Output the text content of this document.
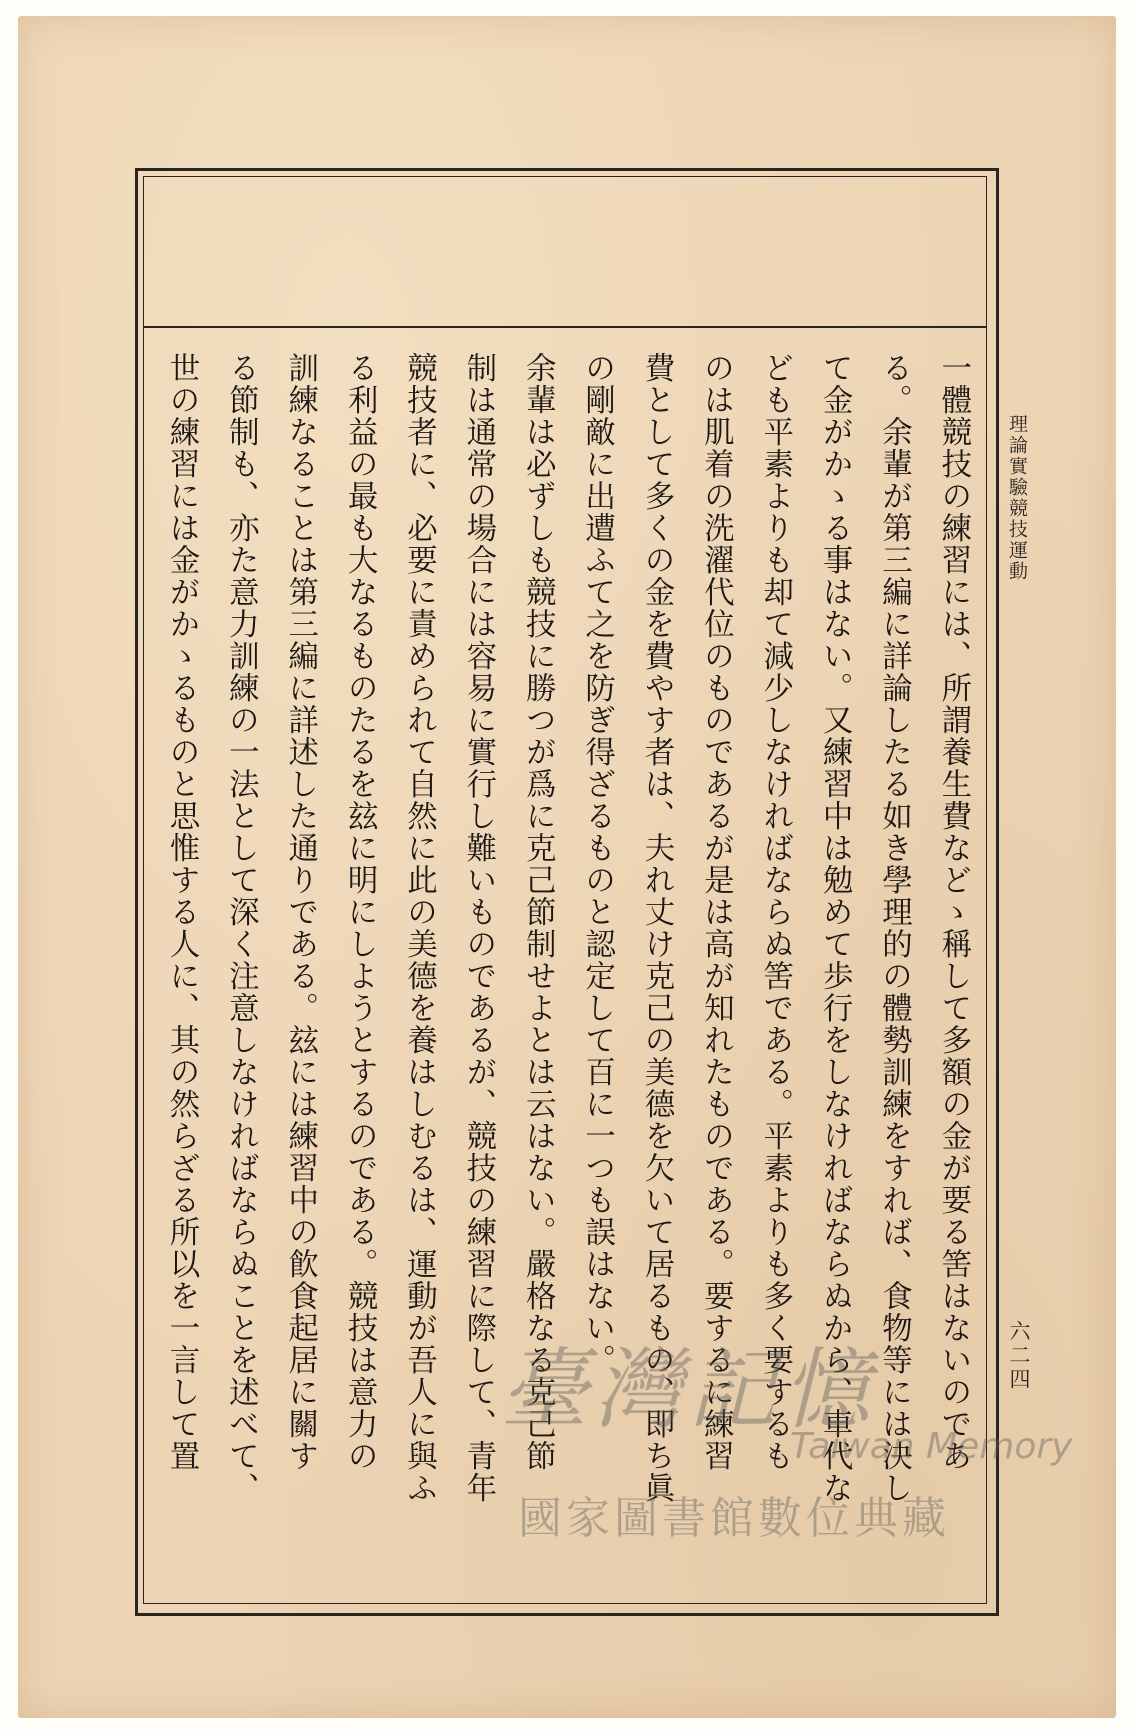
理論實驗競技運動
六二四
一體競技の練習には、所謂養生費などゝ稱して多額の金が要る筈はないのであ
る。余輩が第三編に詳論したる如き學理的の體勢訓練をすれば、食物等には決し
て金がかゝる事はない。又練習中は勉めて歩行をしなければならぬから、車代な
ども平素よりも却て減少しなければならぬ筈である。平素よりも多く要するも
のは肌着の洗濯代位のものであるが是は高が知れたものである。要するに練習
費として多くの金を費やす者は、夫れ丈け克己の美德を欠いて居るもの、即ち眞
の剛敵に出遭ふて之を防ぎ得ざるものと認定して百に一つも誤はない。
余輩は必ずしも競技に勝つが爲に克己節制せよとは云はない。嚴格なる克己節
制は通常の場合には容易に實行し難いものであるが、競技の練習に際して、青年
競技者に、必要に責められて自然に此の美德を養はしむるは、運動が吾人に與ふ
る利益の最も大なるものたるを玆に明にしようとするのである。競技は意力の
訓練なることは第三編に詳述した通りである。玆には練習中の飮食起居に關す
る節制も、亦た意力訓練の一法として深く注意しなければならぬことを述べて、
世の練習には金がかゝるものと思惟する人に、其の然らざる所以を一言して置	臺灣記憶
Taiwan Memory
國家圖書館數位典藏
